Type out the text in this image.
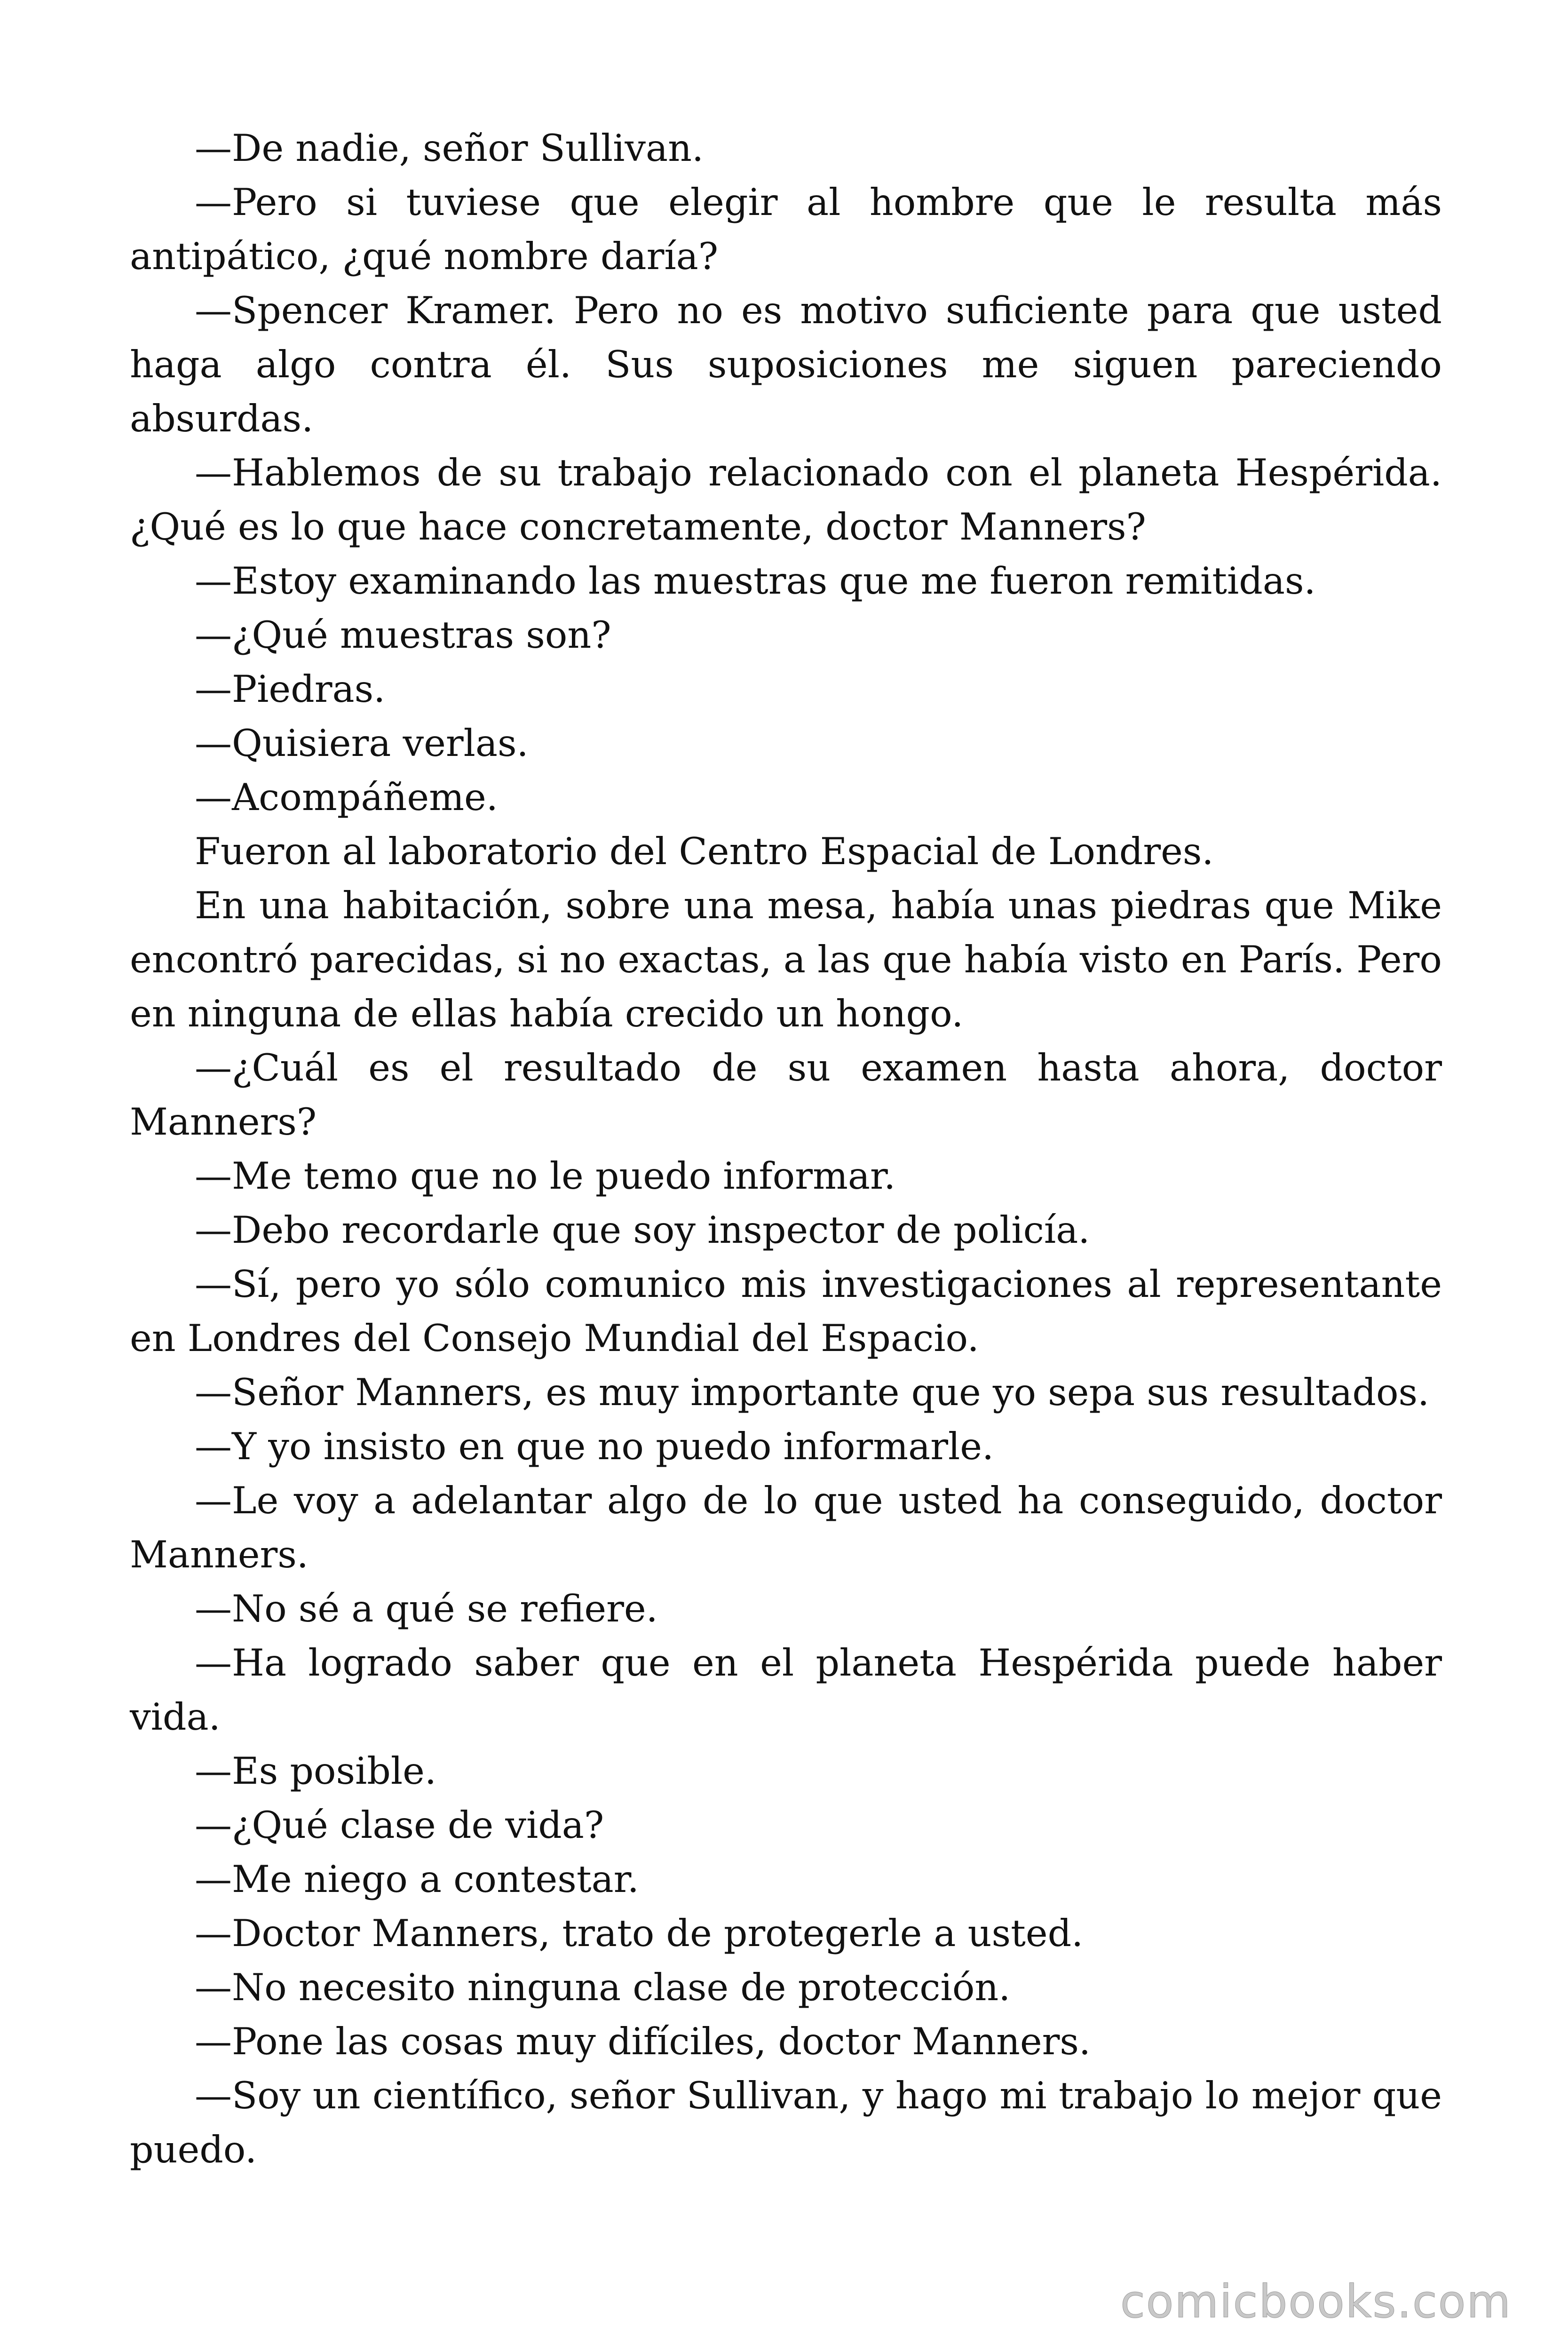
—De nadie, señor Sullivan.

—Pero si tuviese que elegir al hombre que le resulta más antipático, ¿qué nombre daría?

—Spencer Kramer. Pero no es motivo suficiente para que usted haga algo contra él. Sus suposiciones me siguen pareciendo absurdas.

—Hablemos de su trabajo relacionado con el planeta Hespérida. ¿Qué es lo que hace concretamente, doctor Manners?

—Estoy examinando las muestras que me fueron remitidas.

—¿Qué muestras son?

—Piedras.

—Quisiera verlas.

—Acompáñeme.

Fueron al laboratorio del Centro Espacial de Londres.

En una habitación, sobre una mesa, había unas piedras que Mike encontró parecidas, si no exactas, a las que había visto en París. Pero en ninguna de ellas había crecido un hongo.

—¿Cuál es el resultado de su examen hasta ahora, doctor Manners?

—Me temo que no le puedo informar.

—Debo recordarle que soy inspector de policía.

—Sí, pero yo sólo comunico mis investigaciones al representante en Londres del Consejo Mundial del Espacio.

—Señor Manners, es muy importante que yo sepa sus resultados.

—Y yo insisto en que no puedo informarle.

—Le voy a adelantar algo de lo que usted ha conseguido, doctor Manners.

—No sé a qué se refiere.

—Ha logrado saber que en el planeta Hespérida puede haber vida.

—Es posible.

—¿Qué clase de vida?

—Me niego a contestar.

—Doctor Manners, trato de protegerle a usted.

—No necesito ninguna clase de protección.

—Pone las cosas muy difíciles, doctor Manners.

—Soy un científico, señor Sullivan, y hago mi trabajo lo mejor que puedo.

comicbooks.com
